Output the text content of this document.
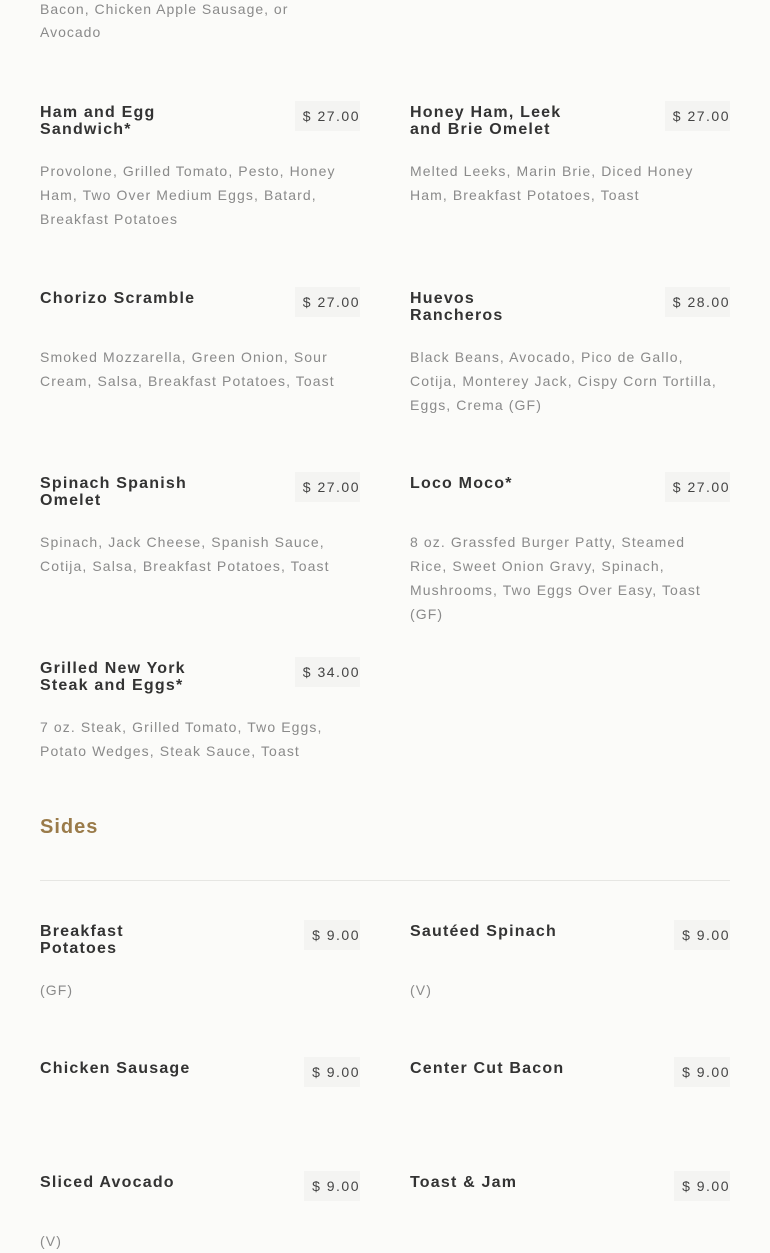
Bacon, Chicken Apple Sausage, or Avocado
Ham and Egg Sandwich*
$ 27.00
Provolone, Grilled Tomato, Pesto, Honey Ham, Two Over Medium Eggs, Batard, Breakfast Potatoes
Honey Ham, Leek and Brie Omelet
$ 27.00
Melted Leeks, Marin Brie, Diced Honey Ham, Breakfast Potatoes, Toast
Chorizo Scramble	$ 27.00
Smoked Mozzarella, Green Onion, Sour Cream, Salsa, Breakfast Potatoes, Toast
Huevos Rancheros
$ 28.00
Black Beans, Avocado, Pico de Gallo, Cotija, Monterey Jack, Cispy Corn Tortilla, Eggs, Crema (GF)
Spinach Spanish Omelet
$ 27.00
Spinach, Jack Cheese, Spanish Sauce, Cotija, Salsa, Breakfast Potatoes, Toast
Loco Moco*	$ 27.00
8 oz. Grassfed Burger Patty, Steamed Rice, Sweet Onion Gravy, Spinach, Mushrooms, Two Eggs Over Easy, Toast (GF)
Grilled New York Steak and Eggs*
$ 34.00
7 oz. Steak, Grilled Tomato, Two Eggs, Potato Wedges, Steak Sauce, Toast
Sides
Breakfast Potatoes
$ 9.00
(GF)
Sautéed Spinach	$ 9.00
(V)
Chicken Sausage	$ 9.00	Center Cut Bacon	$ 9.00
Sliced Avocado	$ 9.00
(V)
Toast & Jam	$ 9.00
